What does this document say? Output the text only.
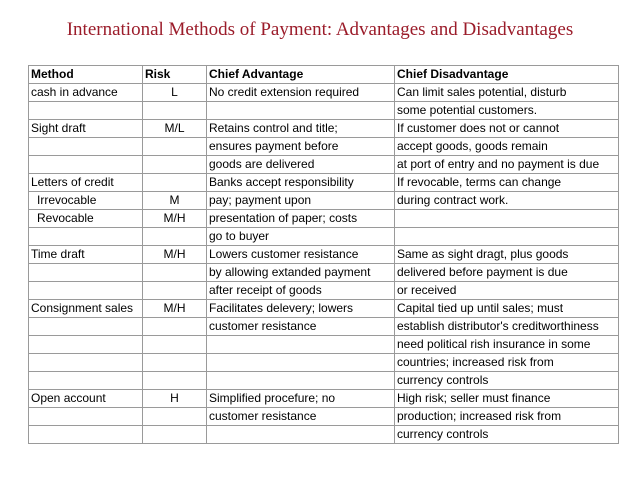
International Methods of Payment: Advantages and Disadvantages
Method	Risk	Chief Advantage	Chief Disadvantage
cash in advance	L	No credit extension required	Can limit sales potential, disturb
			some potential customers.
Sight draft	M/L	Retains control and title;	If customer does not or cannot
		ensures payment before	accept goods, goods remain
		goods are delivered	at port of entry and no payment is due
Letters of credit		Banks accept responsibility	If revocable, terms can change
Irrevocable	M	pay; payment upon	during contract work.
Revocable	M/H	presentation of paper; costs	
		go to buyer	
Time draft	M/H	Lowers customer resistance	Same as sight dragt, plus goods
		by allowing extanded payment	delivered before payment is due
		after receipt of goods	or received
Consignment sales	M/H	Facilitates delevery; lowers	Capital tied up until sales; must
		customer resistance	establish distributor's creditworthiness
			need political rish insurance in some
			countries; increased risk from
			currency controls
Open account	H	Simplified procefure; no	High risk; seller must finance
		customer resistance	production; increased risk from
			currency controls
